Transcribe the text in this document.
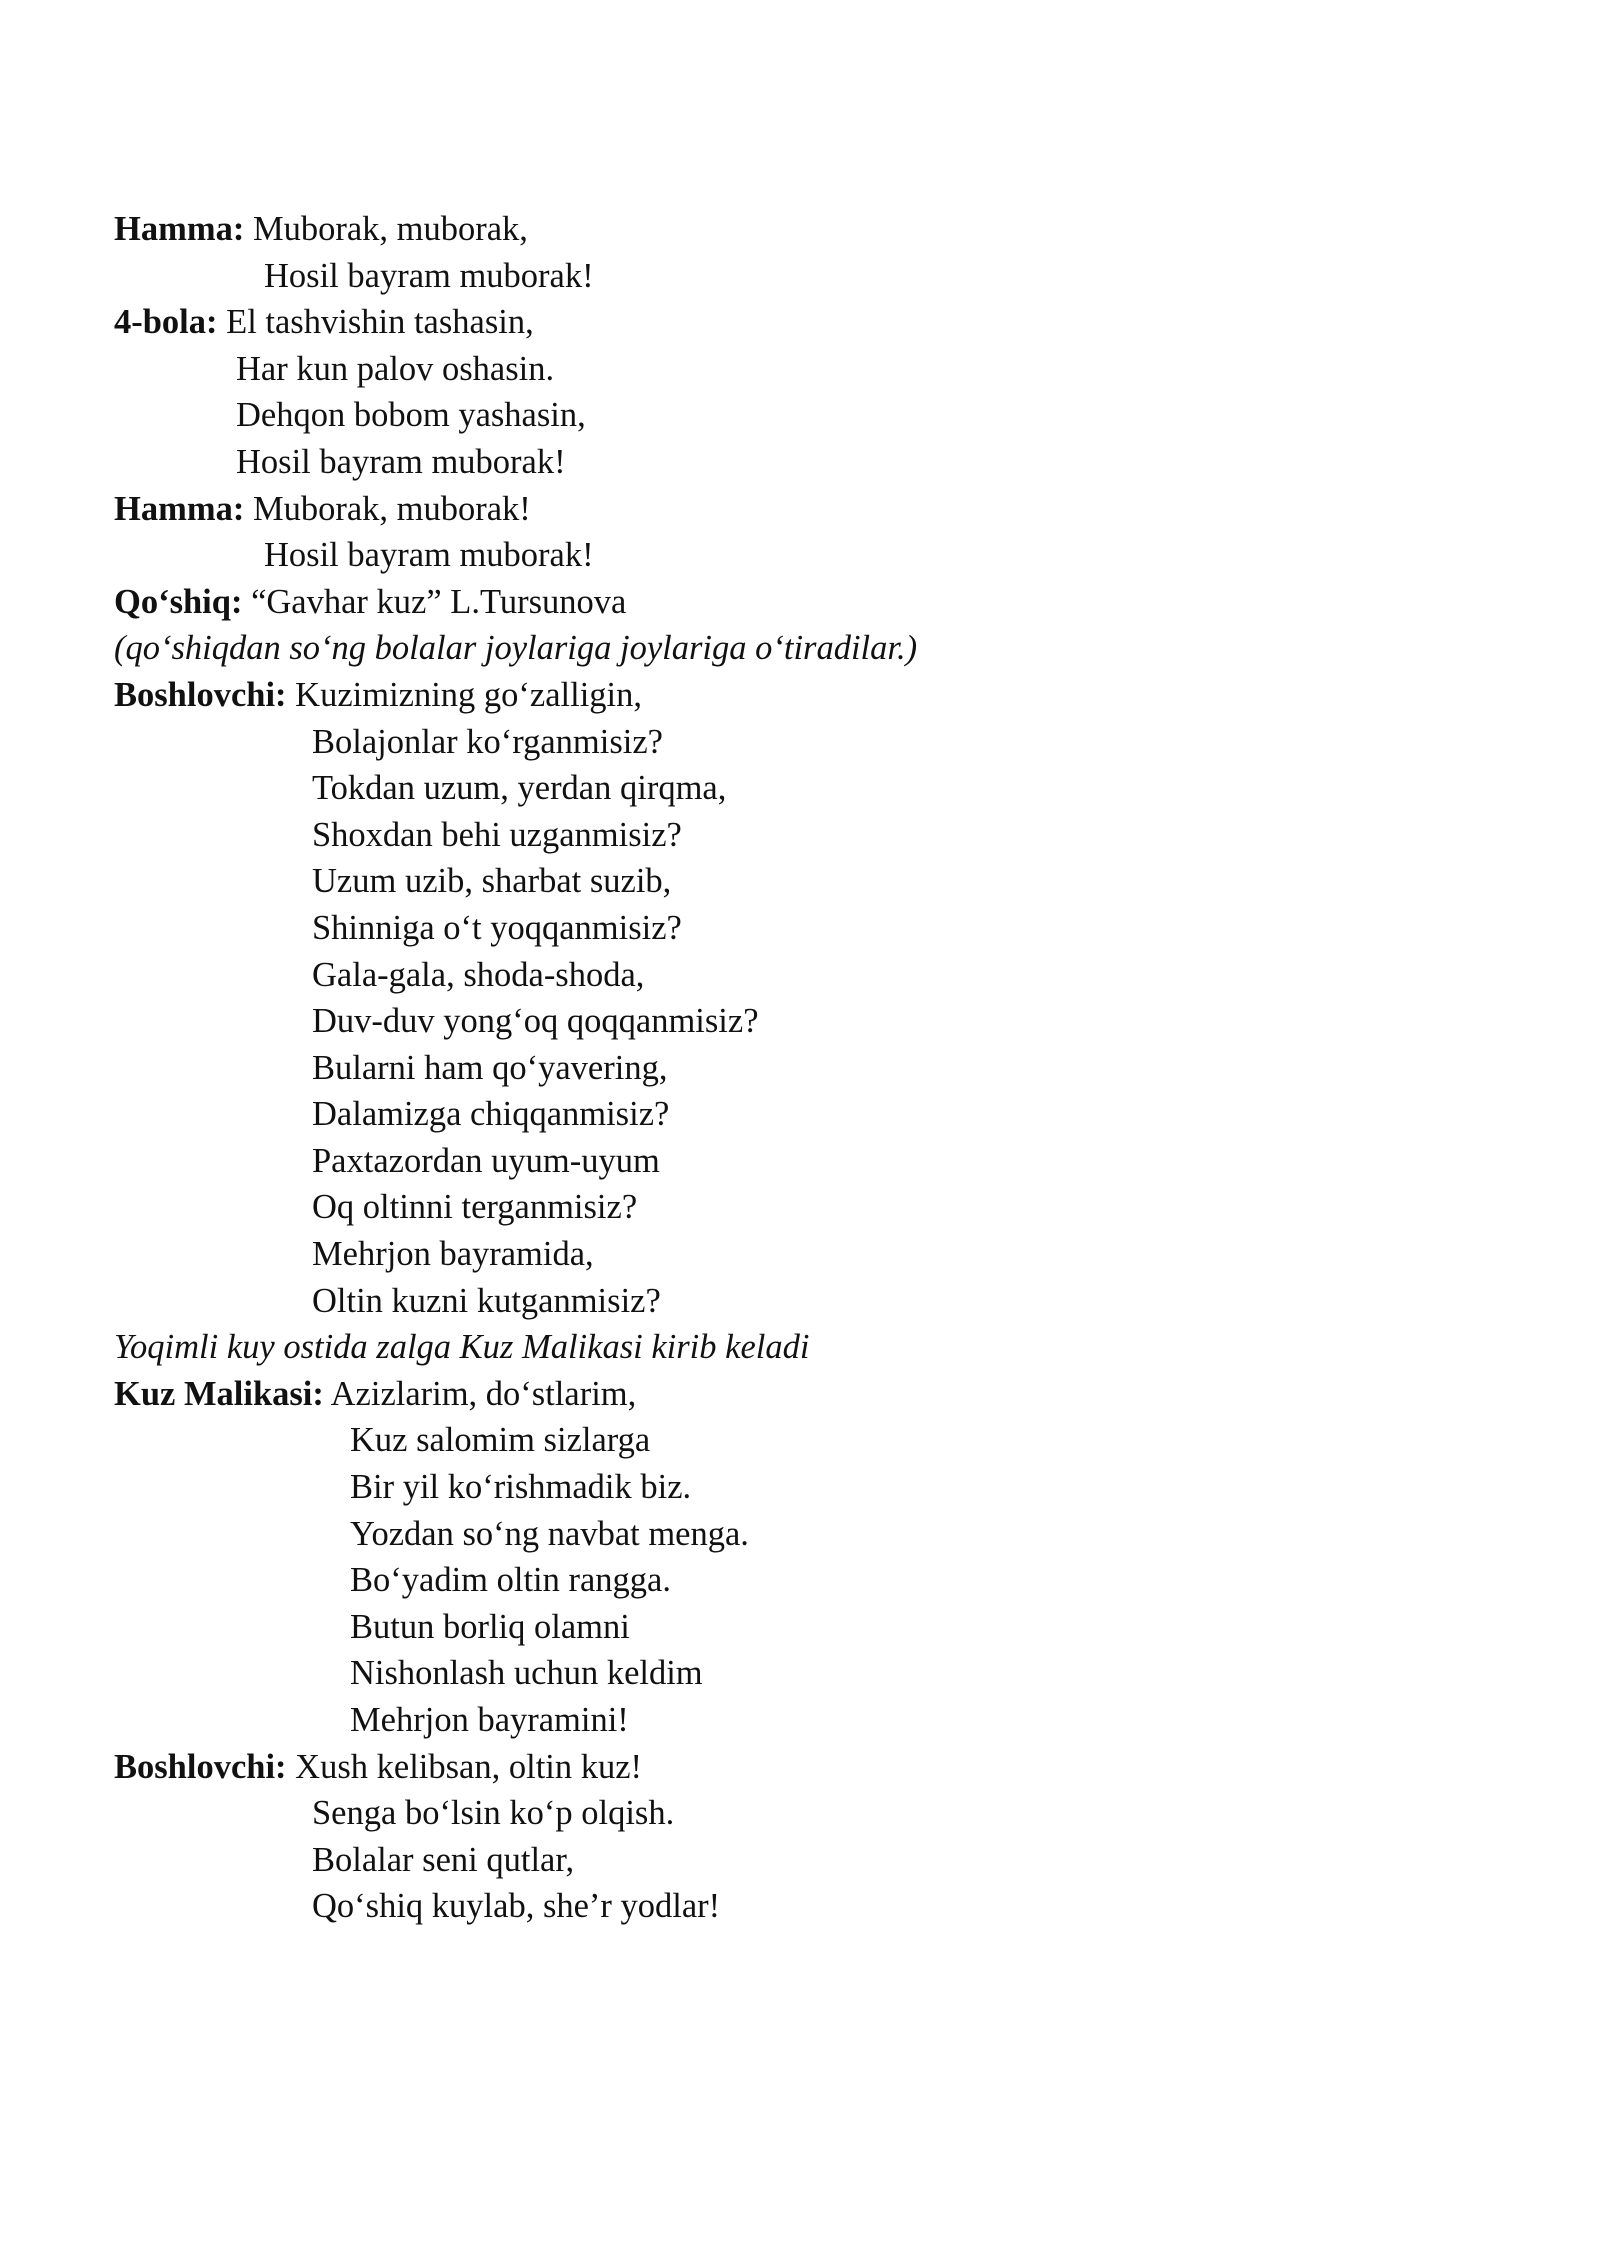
Hamma: Muborak, muborak,
Hosil bayram muborak!
4-bola: El tashvishin tashasin,
Har kun palov oshasin.
Dehqon bobom yashasin,
Hosil bayram muborak!
Hamma: Muborak, muborak!
Hosil bayram muborak!
Qo‘shiq: “Gavhar kuz” L.Tursunova
(qo‘shiqdan so‘ng bolalar joylariga joylariga o‘tiradilar.)
Boshlovchi: Kuzimizning go‘zalligin,
Bolajonlar ko‘rganmisiz?
Tokdan uzum, yerdan qirqma,
Shoxdan behi uzganmisiz?
Uzum uzib, sharbat suzib,
Shinniga o‘t yoqqanmisiz?
Gala-gala, shoda-shoda,
Duv-duv yong‘oq qoqqanmisiz?
Bularni ham qo‘yavering,
Dalamizga chiqqanmisiz?
Paxtazordan uyum-uyum
Oq oltinni terganmisiz?
Mehrjon bayramida,
Oltin kuzni kutganmisiz?
Yoqimli kuy ostida zalga Kuz Malikasi kirib keladi
Kuz Malikasi: Azizlarim, do‘stlarim,
Kuz salomim sizlarga
Bir yil ko‘rishmadik biz.
Yozdan so‘ng navbat menga.
Bo‘yadim oltin rangga.
Butun borliq olamni
Nishonlash uchun keldim
Mehrjon bayramini!
Boshlovchi: Xush kelibsan, oltin kuz!
Senga bo‘lsin ko‘p olqish.
Bolalar seni qutlar,
Qo‘shiq kuylab, she’r yodlar!
